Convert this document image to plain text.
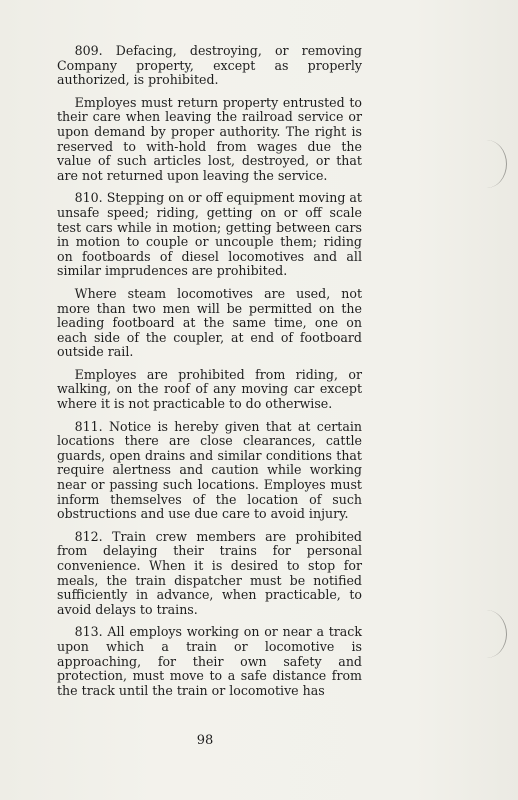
809. Defacing, destroying, or removing Company property, except as properly authorized, is prohibited.

Employes must return property entrusted to their care when leaving the railroad service or upon demand by proper authority. The right is reserved to with-hold from wages due the value of such articles lost, destroyed, or that are not returned upon leaving the service.

810. Stepping on or off equipment moving at unsafe speed; riding, getting on or off scale test cars while in motion; getting between cars in motion to couple or uncouple them; riding on footboards of diesel locomotives and all similar imprudences are prohibited.

Where steam locomotives are used, not more than two men will be permitted on the leading footboard at the same time, one on each side of the coupler, at end of footboard outside rail.

Employes are prohibited from riding, or walking, on the roof of any moving car except where it is not practicable to do otherwise.

811. Notice is hereby given that at certain locations there are close clearances, cattle guards, open drains and similar conditions that require alertness and caution while working near or passing such locations. Employes must inform themselves of the location of such obstructions and use due care to avoid injury.

812. Train crew members are prohibited from delaying their trains for personal convenience. When it is desired to stop for meals, the train dispatcher must be notified sufficiently in advance, when practicable, to avoid delays to trains.

813. All employs working on or near a track upon which a train or locomotive is approaching, for their own safety and protection, must move to a safe distance from the track until the train or locomotive has

98
